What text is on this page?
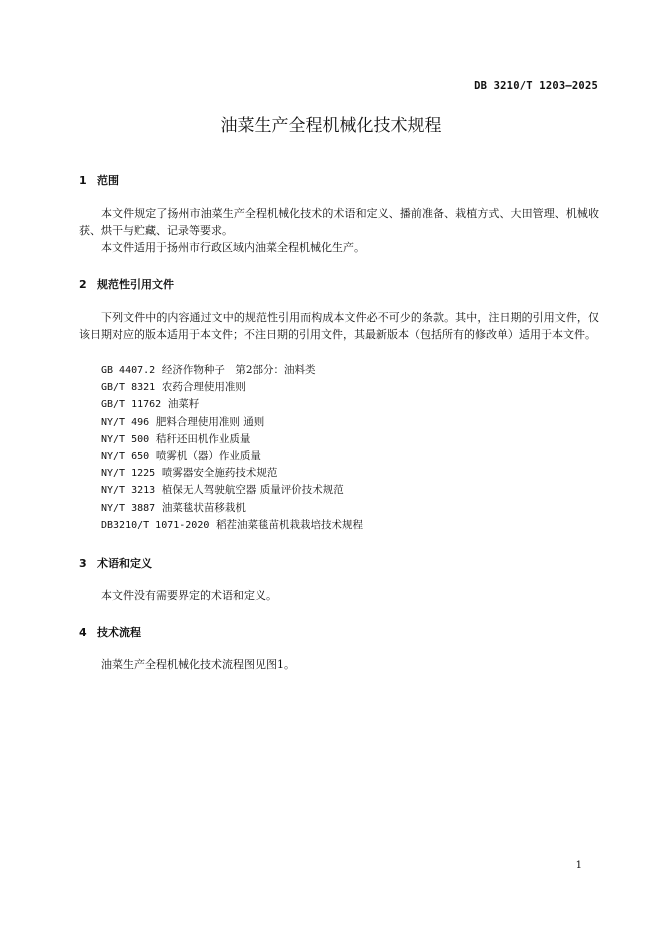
DB 3210/T 1203—2025
油菜生产全程机械化技术规程
1 范围
本文件规定了扬州市油菜生产全程机械化技术的术语和定义、播前准备、栽植方式、大田管理、机械收获、烘干与贮藏、记录等要求。
本文件适用于扬州市行政区域内油菜全程机械化生产。
2 规范性引用文件
下列文件中的内容通过文中的规范性引用而构成本文件必不可少的条款。其中，注日期的引用文件，仅该日期对应的版本适用于本文件；不注日期的引用文件，其最新版本（包括所有的修改单）适用于本文件。
GB 4407.2 经济作物种子　第2部分：油料类
GB/T 8321 农药合理使用准则
GB/T 11762 油菜籽
NY/T 496 肥料合理使用准则 通则
NY/T 500 秸秆还田机作业质量
NY/T 650 喷雾机（器）作业质量
NY/T 1225 喷雾器安全施药技术规范
NY/T 3213 植保无人驾驶航空器 质量评价技术规范
NY/T 3887 油菜毯状苗移栽机
DB3210/T 1071-2020 稻茬油菜毯苗机栽栽培技术规程
3 术语和定义
本文件没有需要界定的术语和定义。
4 技术流程
油菜生产全程机械化技术流程图见图1。
1
